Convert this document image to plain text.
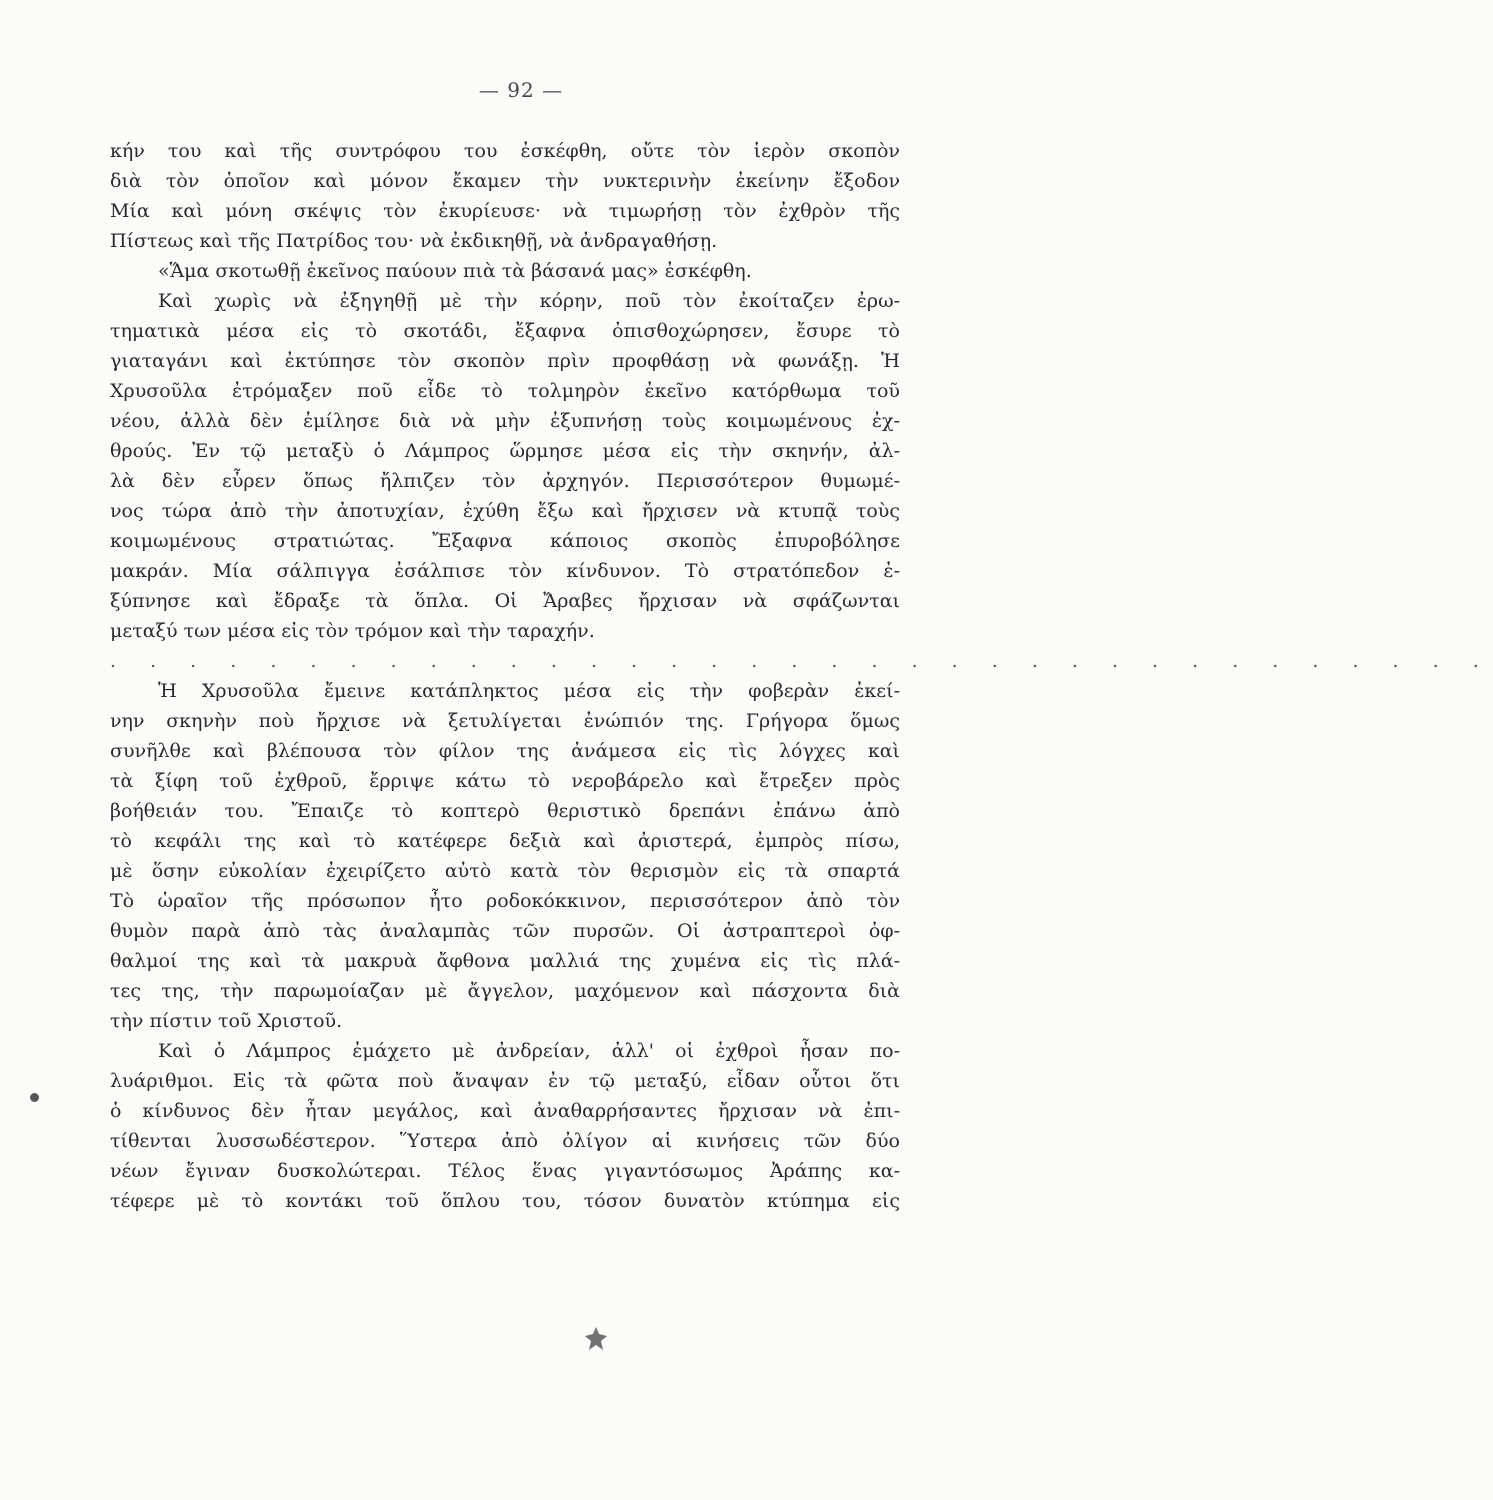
— 92 —
κήν του καὶ τῆς συντρόφου του ἐσκέφθη, οὔτε τὸν ἱερὸν σκοπὸν
διὰ τὸν ὁποῖον καὶ μόνον ἔκαμεν τὴν νυκτερινὴν ἐκείνην ἔξοδον
Μία καὶ μόνη σκέψις τὸν ἐκυρίευσε· νὰ τιμωρήσῃ τὸν ἐχθρὸν τῆς
Πίστεως καὶ τῆς Πατρίδος του· νὰ ἐκδικηθῇ, νὰ ἀνδραγαθήσῃ.
«Ἅμα σκοτωθῇ ἐκεῖνος παύουν πιὰ τὰ βάσανά μας» ἐσκέφθη.
Καὶ χωρὶς νὰ ἐξηγηθῇ μὲ τὴν κόρην, ποῦ τὸν ἐκοίταζεν ἐρω-
τηματικὰ μέσα εἰς τὸ σκοτάδι, ἔξαφνα ὀπισθοχώρησεν, ἔσυρε τὸ
γιαταγάνι καὶ ἐκτύπησε τὸν σκοπὸν πρὶν προφθάσῃ νὰ φωνάξῃ. Ἡ
Χρυσοῦλα ἐτρόμαξεν ποῦ εἶδε τὸ τολμηρὸν ἐκεῖνο κατόρθωμα τοῦ
νέου, ἀλλὰ δὲν ἐμίλησε διὰ νὰ μὴν ἐξυπνήσῃ τοὺς κοιμωμένους ἐχ-
θρούς. Ἐν τῷ μεταξὺ ὁ Λάμπρος ὥρμησε μέσα εἰς τὴν σκηνήν, ἀλ-
λὰ δὲν εὗρεν ὅπως ἤλπιζεν τὸν ἀρχηγόν. Περισσότερον θυμωμέ-
νος τώρα ἀπὸ τὴν ἀποτυχίαν, ἐχύθη ἔξω καὶ ἤρχισεν νὰ κτυπᾷ τοὺς
κοιμωμένους στρατιώτας. Ἔξαφνα κάποιος σκοπὸς ἐπυροβόλησε
μακράν. Μία σάλπιγγα ἐσάλπισε τὸν κίνδυνον. Τὸ στρατόπεδον ἐ-
ξύπνησε καὶ ἔδραξε τὰ ὅπλα. Οἱ Ἄραβες ἤρχισαν νὰ σφάζωνται
μεταξύ των μέσα εἰς τὸν τρόμον καὶ τὴν ταραχήν.
. . . . . . . . . . . . . . . . . . . . . . . . . . . . . . . . . . .
Ἡ Χρυσοῦλα ἔμεινε κατάπληκτος μέσα εἰς τὴν φοβερὰν ἐκεί-
νην σκηνὴν ποὺ ἤρχισε νὰ ξετυλίγεται ἐνώπιόν της. Γρήγορα ὅμως
συνῆλθε καὶ βλέπουσα τὸν φίλον της ἀνάμεσα εἰς τὶς λόγχες καὶ
τὰ ξίφη τοῦ ἐχθροῦ, ἔρριψε κάτω τὸ νεροβάρελο καὶ ἔτρεξεν πρὸς
βοήθειάν του. Ἔπαιζε τὸ κοπτερὸ θεριστικὸ δρεπάνι ἐπάνω ἀπὸ
τὸ κεφάλι της καὶ τὸ κατέφερε δεξιὰ καὶ ἀριστερά, ἐμπρὸς πίσω,
μὲ ὅσην εὐκολίαν ἐχειρίζετο αὐτὸ κατὰ τὸν θερισμὸν εἰς τὰ σπαρτά
Τὸ ὡραῖον τῆς πρόσωπον ἦτο ροδοκόκκινον, περισσότερον ἀπὸ τὸν
θυμὸν παρὰ ἀπὸ τὰς ἀναλαμπὰς τῶν πυρσῶν. Οἱ ἀστραπτεροὶ ὀφ-
θαλμοί της καὶ τὰ μακρυὰ ἄφθονα μαλλιά της χυμένα εἰς τὶς πλά-
τες της, τὴν παρωμοίαζαν μὲ ἄγγελον, μαχόμενον καὶ πάσχοντα διὰ
τὴν πίστιν τοῦ Χριστοῦ.
Καὶ ὁ Λάμπρος ἐμάχετο μὲ ἀνδρείαν, ἀλλ' οἱ ἐχθροὶ ἦσαν πο-
λυάριθμοι. Εἰς τὰ φῶτα ποὺ ἄναψαν ἐν τῷ μεταξύ, εἶδαν οὗτοι ὅτι
ὁ κίνδυνος δὲν ἦταν μεγάλος, καὶ ἀναθαρρήσαντες ἤρχισαν νὰ ἐπι-
τίθενται λυσσωδέστερον. Ὕστερα ἀπὸ ὀλίγον αἱ κινήσεις τῶν δύο
νέων ἔγιναν δυσκολώτεραι. Τέλος ἕνας γιγαντόσωμος Ἀράπης κα-
τέφερε μὲ τὸ κοντάκι τοῦ ὅπλου του, τόσον δυνατὸν κτύπημα εἰς
